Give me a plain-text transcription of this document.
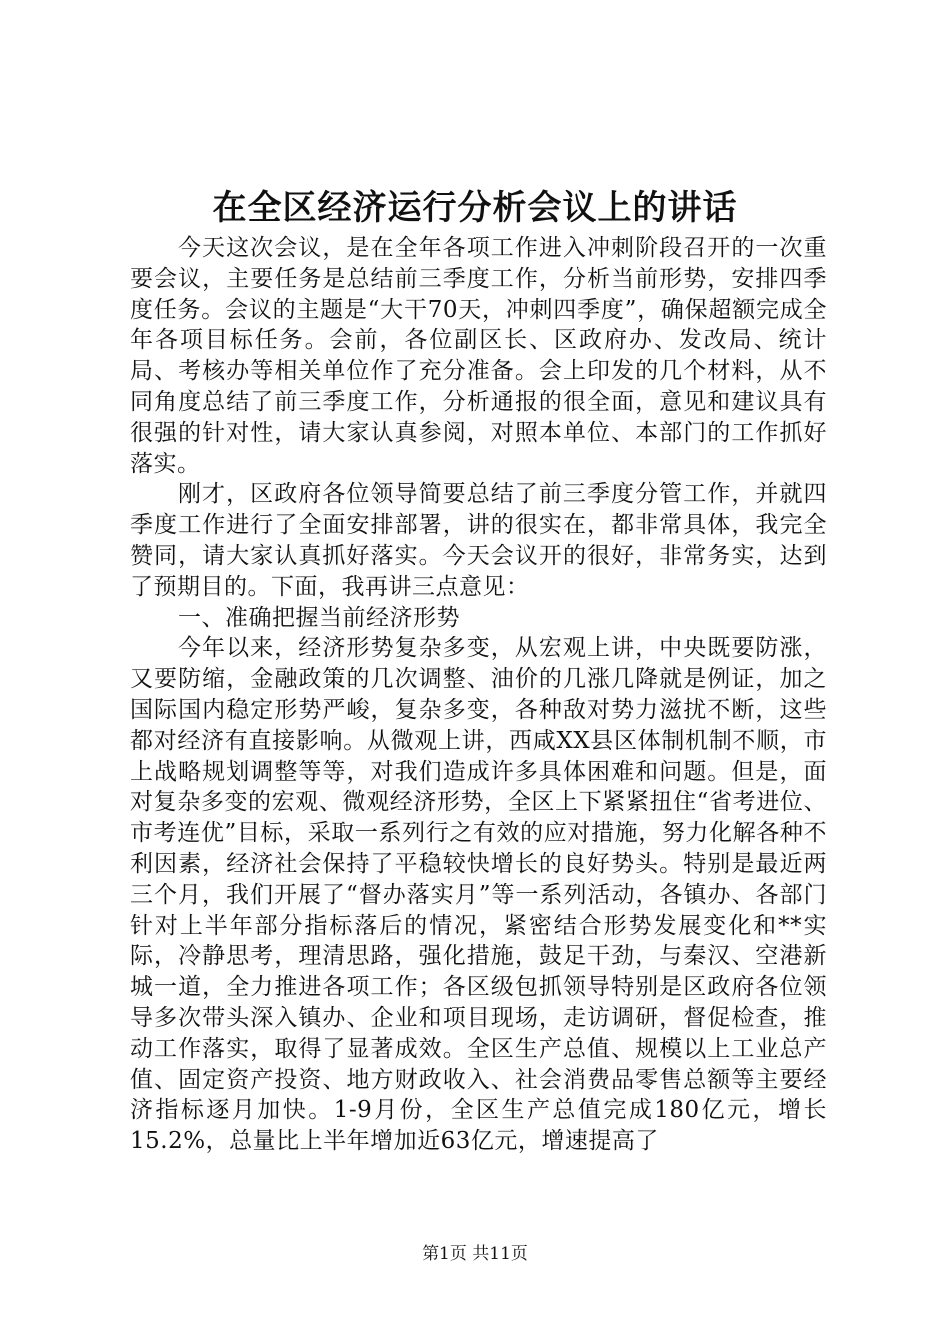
在全区经济运行分析会议上的讲话

今天这次会议，是在全年各项工作进入冲刺阶段召开的一次重要会议，主要任务是总结前三季度工作，分析当前形势，安排四季度任务。会议的主题是“大干70天，冲刺四季度”，确保超额完成全年各项目标任务。会前，各位副区长、区政府办、发改局、统计局、考核办等相关单位作了充分准备。会上印发的几个材料，从不同角度总结了前三季度工作，分析通报的很全面，意见和建议具有很强的针对性，请大家认真参阅，对照本单位、本部门的工作抓好落实。

刚才，区政府各位领导简要总结了前三季度分管工作，并就四季度工作进行了全面安排部署，讲的很实在，都非常具体，我完全赞同，请大家认真抓好落实。今天会议开的很好，非常务实，达到了预期目的。下面，我再讲三点意见：

一、准确把握当前经济形势

今年以来，经济形势复杂多变，从宏观上讲，中央既要防涨，又要防缩，金融政策的几次调整、油价的几涨几降就是例证，加之国际国内稳定形势严峻，复杂多变，各种敌对势力滋扰不断，这些都对经济有直接影响。从微观上讲，西咸XX县区体制机制不顺，市上战略规划调整等等，对我们造成许多具体困难和问题。但是，面对复杂多变的宏观、微观经济形势，全区上下紧紧扭住“省考进位、市考连优”目标，采取一系列行之有效的应对措施，努力化解各种不利因素，经济社会保持了平稳较快增长的良好势头。特别是最近两三个月，我们开展了“督办落实月”等一系列活动，各镇办、各部门针对上半年部分指标落后的情况，紧密结合形势发展变化和**实际，冷静思考，理清思路，强化措施，鼓足干劲，与秦汉、空港新城一道，全力推进各项工作；各区级包抓领导特别是区政府各位领导多次带头深入镇办、企业和项目现场，走访调研，督促检查，推动工作落实，取得了显著成效。全区生产总值、规模以上工业总产值、固定资产投资、地方财政收入、社会消费品零售总额等主要经济指标逐月加快。1-9月份，全区生产总值完成180亿元，增长15.2%，总量比上半年增加近63亿元，增速提高了

第1页 共11页
